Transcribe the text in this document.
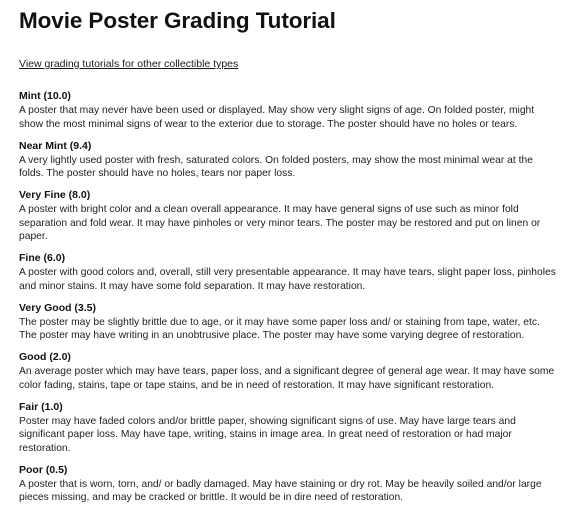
Movie Poster Grading Tutorial
View grading tutorials for other collectible types

Mint (10.0)

A poster that may never have been used or displayed. May show very slight signs of age. On folded poster, might show the most minimal signs of wear to the exterior due to storage. The poster should have no holes or tears.

Near Mint (9.4)

A very lightly used poster with fresh, saturated colors. On folded posters, may show the most minimal wear at the folds. The poster should have no holes, tears nor paper loss.

Very Fine (8.0)

A poster with bright color and a clean overall appearance. It may have general signs of use such as minor fold separation and fold wear. It may have pinholes or very minor tears. The poster may be restored and put on linen or paper.

Fine (6.0)

A poster with good colors and, overall, still very presentable appearance. It may have tears, slight paper loss, pinholes and minor stains. It may have some fold separation. It may have restoration.

Very Good (3.5)

The poster may be slightly brittle due to age, or it may have some paper loss and/ or staining from tape, water, etc. The poster may have writing in an unobtrusive place. The poster may have some varying degree of restoration.

Good (2.0)

An average poster which may have tears, paper loss, and a significant degree of general age wear. It may have some color fading, stains, tape or tape stains, and be in need of restoration. It may have significant restoration.

Fair (1.0)

Poster may have faded colors and/or brittle paper, showing significant signs of use. May have large tears and significant paper loss. May have tape, writing, stains in image area. In great need of restoration or had major restoration.

Poor (0.5)

A poster that is worn, torn, and/ or badly damaged. May have staining or dry rot. May be heavily soiled and/or large pieces missing, and may be cracked or brittle. It would be in dire need of restoration.
